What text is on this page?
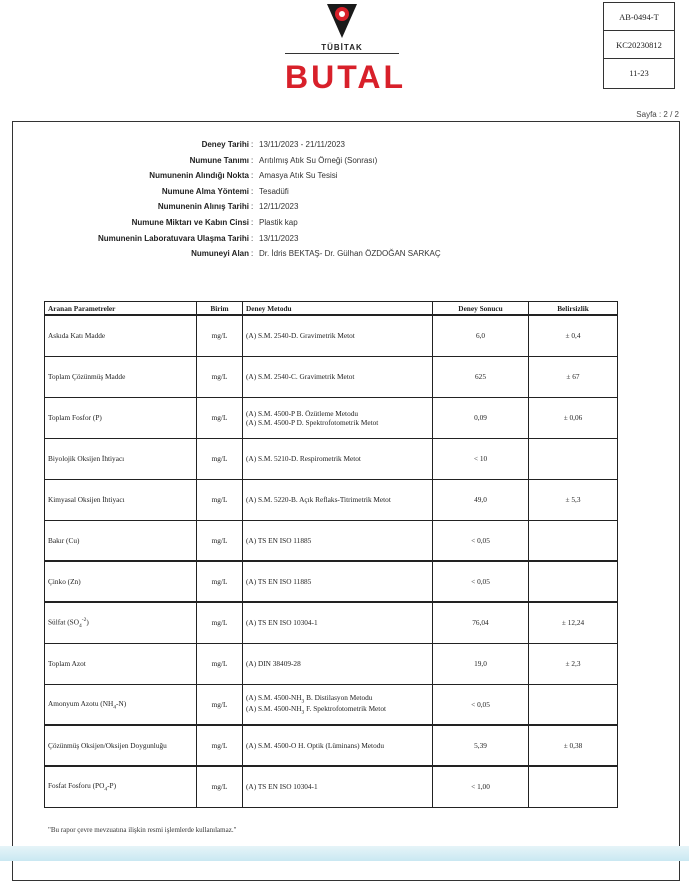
TÜBİTAK
BUTAL
AB-0494-T
KC20230812
11-23
Sayfa : 2 / 2
Deney Tarihi : 13/11/2023 - 21/11/2023
Numune Tanımı : Arıtılmış Atık Su Örneği (Sonrası)
Numunenin Alındığı Nokta : Amasya Atık Su Tesisi
Numune Alma Yöntemi : Tesadüfi
Numunenin Alınış Tarihi : 12/11/2023
Numune Miktarı ve Kabın Cinsi : Plastik kap
Numunenin Laboratuvara Ulaşma Tarihi : 13/11/2023
Numuneyi Alan : Dr. İdris BEKTAŞ- Dr. Gülhan ÖZDOĞAN SARKAÇ
Aranan Parametreler	Birim	Deney Metodu	Deney Sonucu	Belirsizlik
Askıda Katı Madde	mg/L	(A) S.M. 2540-D. Gravimetrik Metot	6,0	± 0,4
Toplam Çözünmüş Madde	mg/L	(A) S.M. 2540-C. Gravimetrik Metot	625	± 67
Toplam Fosfor (P)	mg/L	(A) S.M. 4500-P B. Özütleme Metodu
(A) S.M. 4500-P D. Spektrofotometrik Metot	0,09	± 0,06
Biyolojik Oksijen İhtiyacı	mg/L	(A) S.M. 5210-D. Respirometrik Metot	< 10	
Kimyasal Oksijen İhtiyacı	mg/L	(A) S.M. 5220-B. Açık Reflaks-Titrimetrik Metot	49,0	± 5,3
Bakır (Cu)	mg/L	(A) TS EN ISO 11885	< 0,05	
Çinko (Zn)	mg/L	(A) TS EN ISO 11885	< 0,05	
Sülfat $(SO_4^{-2})$	mg/L	(A) TS EN ISO 10304-1	76,04	± 12,24
Toplam Azot	mg/L	(A) DIN 38409-28	19,0	± 2,3
Amonyum Azotu $(NH_4-N)$	mg/L	(A) S.M. $4500-NH_3$ B. Distilasyon Metodu
(A) S.M. $4500-NH_3$ F. Spektrofotometrik Metot	< 0,05	
Çözünmüş Oksijen/Oksijen Doygunluğu	mg/L	(A) S.M. 4500-O H. Optik (Lüminans) Metodu	5,39	± 0,38
Fosfat Fosforu $(PO_4-P)$	mg/L	(A) TS EN ISO 10304-1	< 1,00	
"Bu rapor çevre mevzuatına ilişkin resmi işlemlerde kullanılamaz."
